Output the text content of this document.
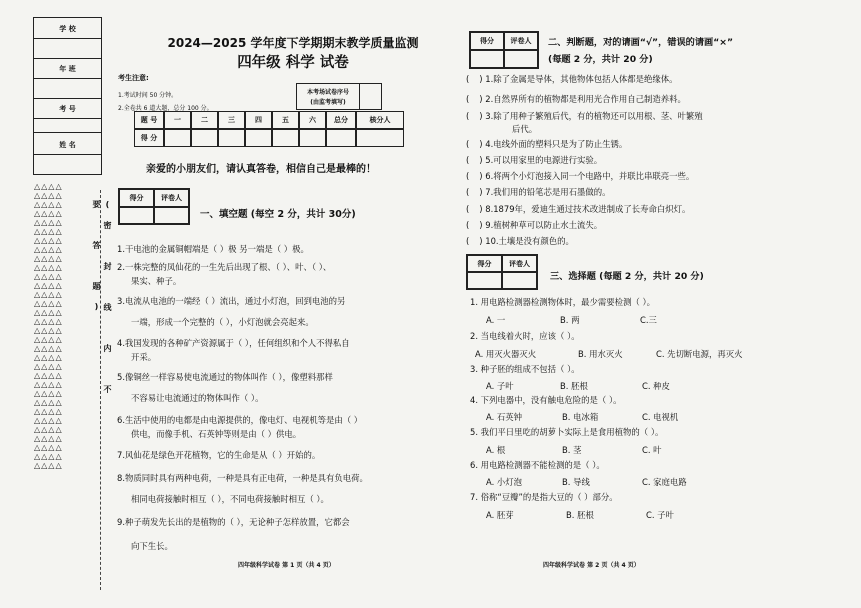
学 校
年 班
考 号
姓 名
△△△△
△△△△
△△△△
△△△△
△△△△
△△△△
△△△△
△△△△
△△△△
△△△△
△△△△
△△△△
△△△△
△△△△
△△△△
△△△△
△△△△
△△△△
△△△△
△△△△
△△△△
△△△△
△△△△
△△△△
△△△△
△△△△
△△△△
△△△△
△△△△
△△△△
△△△△
△△△△
(密 封 线 内 不 要 答 题)
2024—2025 学年度下学期期末教学质量监测
四年级 科学 试卷
考生注意:
1.考试时间 50 分钟。
2.全卷共 6 道大题，总分 100 分。
本考场试卷序号
(由监考填写)
题 号	一	二	三	四	五	六	总分	核分人
得 分
亲爱的小朋友们，请认真答卷，相信自己是最棒的！
得分	评卷人
一、填空题 (每空 2 分，共计 30分)
1.干电池的金属铜帽端是（ ）极 另一端是（ ）极。
2.一株完整的凤仙花的一生先后出现了根、（ ）、叶、（ ）、
果实、种子。
3.电流从电池的一端经（ ）流出，通过小灯泡，回到电池的另
一端，形成一个完整的（ ），小灯泡就会亮起来。
4.我国发现的各种矿产资源属于（ ），任何组织和个人不得私自
开采。
5.像铜丝一样容易使电流通过的物体叫作（ ），像塑料那样
不容易让电流通过的物体叫作（ ）。
6.生活中使用的电都是由电源提供的，像电灯、电视机等是由（ ）
供电，而像手机、石英钟等则是由（ ）供电。
7.风仙花是绿色开花植物，它的生命是从（ ）开始的。
8.物质同时具有两种电荷，一种是具有正电荷，一种是具有负电荷。
相同电荷接触时相互（ ），不同电荷接触时相互（ ）。
9.种子萌发先长出的是植物的（ ），无论种子怎样放置，它都会
向下生长。
四年级科学试卷 第 1 页（共 4 页）
得分	评卷人	二、判断题，对的请画“√”，错误的请画“×”
(每题 2 分，共计 20 分)
( ) 1.除了金属是导体，其他物体包括人体都是绝缘体。
( ) 2.自然界所有的植物都是利用光合作用自己制造养料。
( ) 3.除了用种子繁殖后代，有的植物还可以用根、茎、叶繁殖
后代。
( ) 4.电线外面的塑料只是为了防止生锈。
( ) 5.可以用家里的电源进行实验。
( ) 6.将两个小灯泡接入同一个电路中，并联比串联亮一些。
( ) 7.我们用的铅笔芯是用石墨做的。
( ) 8.1879年，爱迪生通过技术改进制成了长寿命白炽灯。
( ) 9.植树种草可以防止水土流失。
( ) 10.土壤是没有颜色的。
得分	评卷人
三、选择题 (每题 2 分，共计 20 分)
1. 用电路检测器检测物体时，最少需要检测（ ）。
A. 一	B. 两	C.三
2. 当电线着火时，应该（ ）。
A. 用灭火器灭火	B. 用水灭火	C. 先切断电源，再灭火
3. 种子胚的组成不包括（ ）。
A. 子叶	B. 胚根	C. 种皮
4. 下列电器中，没有触电危险的是（ ）。
A. 石英钟	B. 电冰箱	C. 电视机
5. 我们平日里吃的胡萝卜实际上是食用植物的（ ）。
A. 根	B. 茎	C. 叶
6. 用电路检测器不能检测的是（ ）。
A. 小灯泡	B. 导线	C. 家庭电路
7. 俗称“豆瓣”的是指大豆的（ ）部分。
A. 胚芽	B. 胚根	C. 子叶
四年级科学试卷 第 2 页（共 4 页）
